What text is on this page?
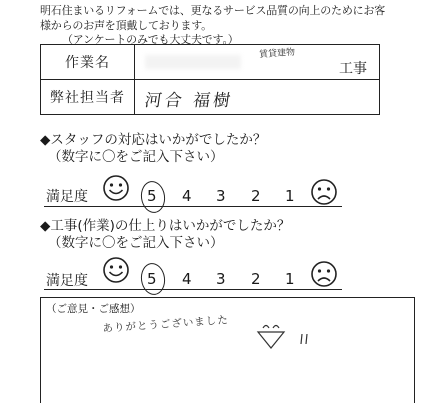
明石住まいるリフォームでは、更なるサービス品質の向上のためにお客
様からのお声を頂戴しております。
（アンケートのみでも大丈夫です。）
作業名	賃貸建物
工事

弊社担当者	河合 福樹
◆スタッフの対応はいかがでしたか？
（数字に〇をご記入下さい）
満足度	5 4 3 2 1
◆工事(作業)の仕上りはいかがでしたか？
（数字に〇をご記入下さい）
満足度	5 4 3 2 1
（ご意見・ご感想）
ありがとうございました
